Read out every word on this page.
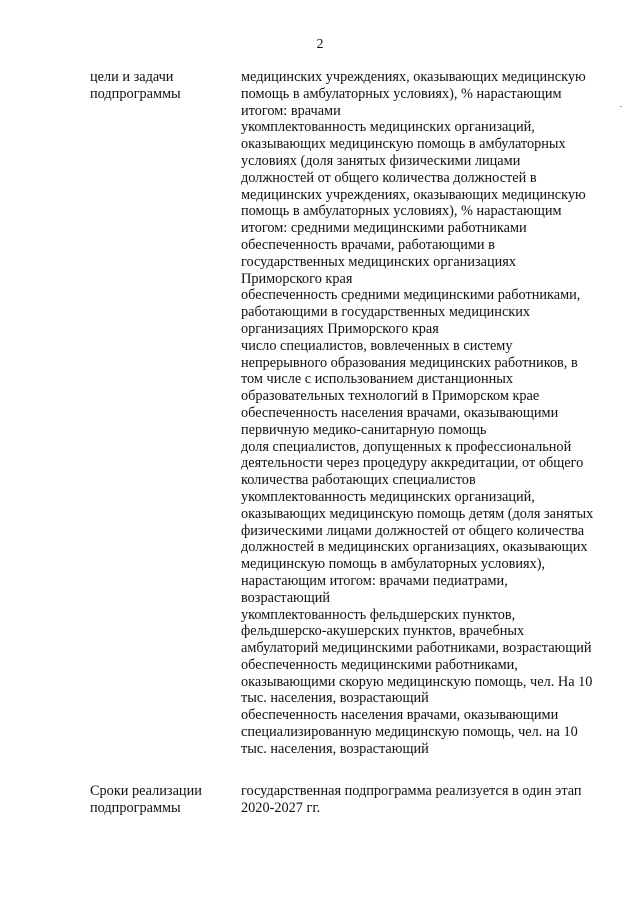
2
цели и задачи
подпрограммы
медицинских учреждениях, оказывающих медицинскую
помощь в амбулаторных условиях), % нарастающим
итогом: врачами
укомплектованность медицинских организаций,
оказывающих медицинскую помощь в амбулаторных
условиях (доля занятых физическими лицами
должностей от общего количества должностей в
медицинских учреждениях, оказывающих медицинскую
помощь в амбулаторных условиях), % нарастающим
итогом: средними медицинскими работниками
обеспеченность врачами, работающими в
государственных медицинских организациях
Приморского края
обеспеченность средними медицинскими работниками,
работающими в государственных медицинских
организациях Приморского края
число специалистов, вовлеченных в систему
непрерывного образования медицинских работников, в
том числе с использованием дистанционных
образовательных технологий в Приморском крае
обеспеченность населения врачами, оказывающими
первичную медико-санитарную помощь
доля специалистов, допущенных к профессиональной
деятельности через процедуру аккредитации, от общего
количества работающих специалистов
укомплектованность медицинских организаций,
оказывающих медицинскую помощь детям (доля занятых
физическими лицами должностей от общего количества
должностей в медицинских организациях, оказывающих
медицинскую помощь в амбулаторных условиях),
нарастающим итогом: врачами педиатрами,
возрастающий
укомплектованность фельдшерских пунктов,
фельдшерско-акушерских пунктов, врачебных
амбулаторий медицинскими работниками, возрастающий
обеспеченность медицинскими работниками,
оказывающими скорую медицинскую помощь, чел. На 10
тыс. населения, возрастающий
обеспеченность населения врачами, оказывающими
специализированную медицинскую помощь, чел. на 10
тыс. населения, возрастающий
Сроки реализации
подпрограммы
государственная подпрограмма реализуется в один этап
2020-2027 гг.
